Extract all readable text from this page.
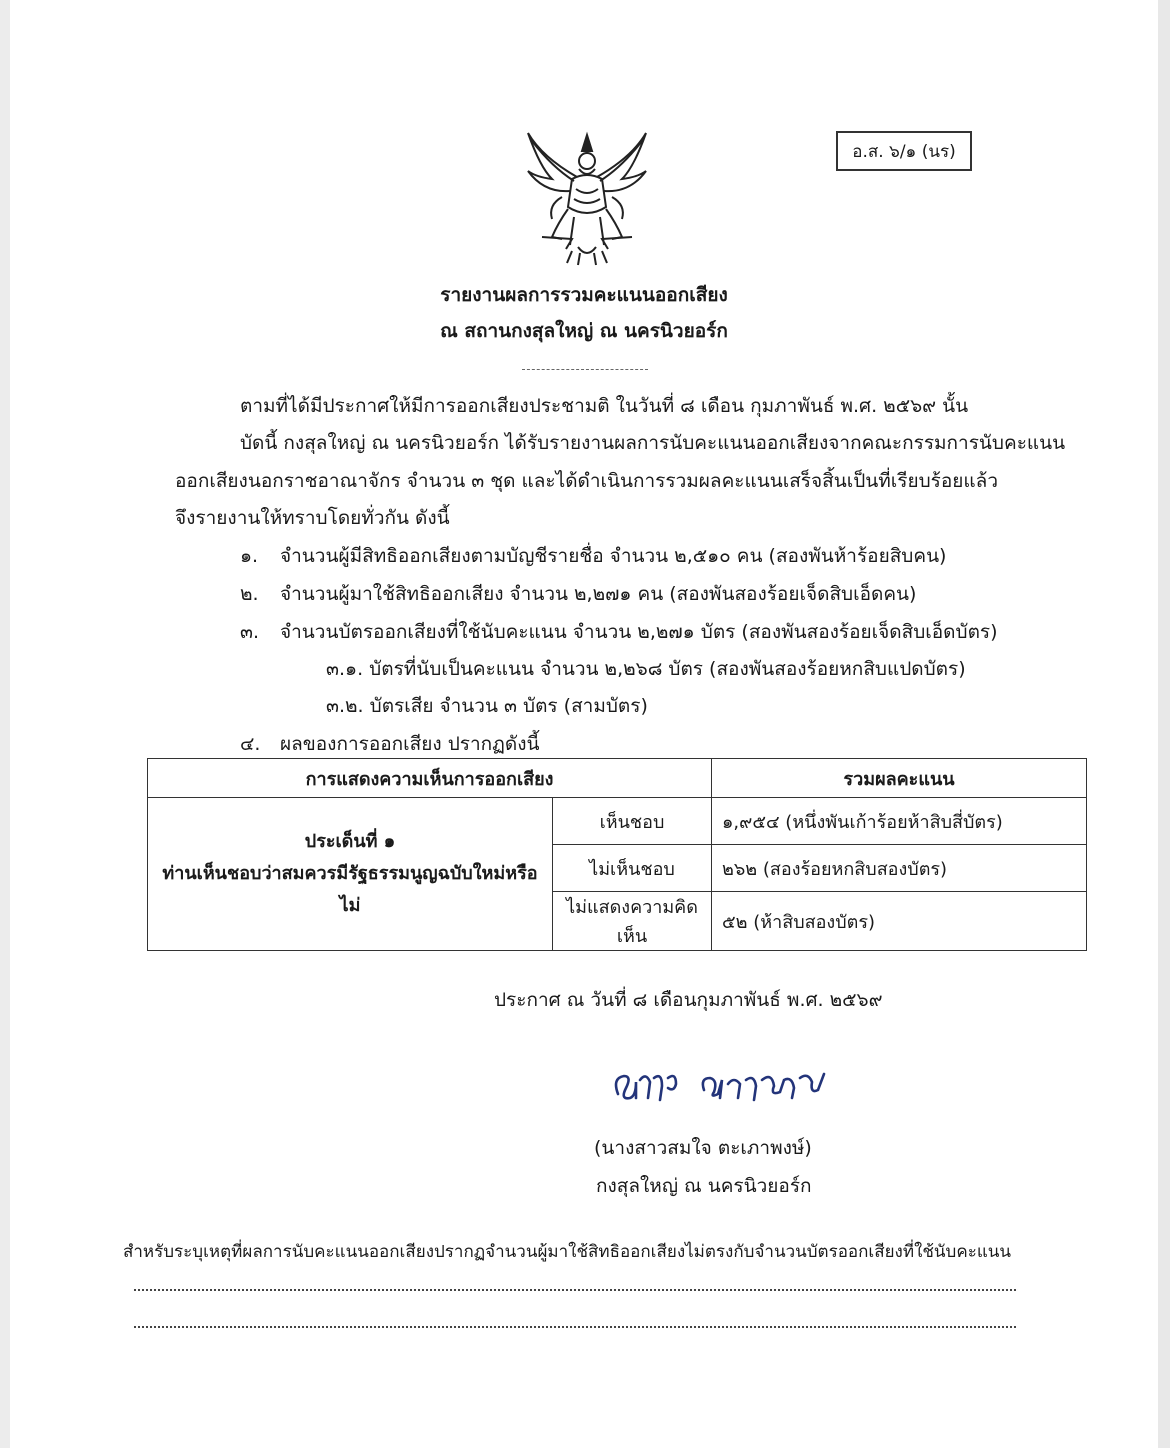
อ.ส. ๖/๑ (นร)
รายงานผลการรวมคะแนนออกเสียง
ณ สถานกงสุลใหญ่ ณ นครนิวยอร์ก
ตามที่ได้มีประกาศให้มีการออกเสียงประชามติ ในวันที่ ๘ เดือน กุมภาพันธ์ พ.ศ. ๒๕๖๙ นั้น
บัดนี้ กงสุลใหญ่ ณ นครนิวยอร์ก ได้รับรายงานผลการนับคะแนนออกเสียงจากคณะกรรมการนับคะแนน
ออกเสียงนอกราชอาณาจักร จำนวน ๓ ชุด และได้ดำเนินการรวมผลคะแนนเสร็จสิ้นเป็นที่เรียบร้อยแล้ว
จึงรายงานให้ทราบโดยทั่วกัน ดังนี้
๑. จำนวนผู้มีสิทธิออกเสียงตามบัญชีรายชื่อ จำนวน ๒,๕๑๐ คน (สองพันห้าร้อยสิบคน)
๒. จำนวนผู้มาใช้สิทธิออกเสียง จำนวน ๒,๒๗๑ คน (สองพันสองร้อยเจ็ดสิบเอ็ดคน)
๓. จำนวนบัตรออกเสียงที่ใช้นับคะแนน จำนวน ๒,๒๗๑ บัตร (สองพันสองร้อยเจ็ดสิบเอ็ดบัตร)
๓.๑. บัตรที่นับเป็นคะแนน จำนวน ๒,๒๖๘ บัตร (สองพันสองร้อยหกสิบแปดบัตร)
๓.๒. บัตรเสีย จำนวน ๓ บัตร (สามบัตร)
๔. ผลของการออกเสียง ปรากฏดังนี้
การแสดงความเห็นการออกเสียง		รวมผลคะแนน

ประเด็นที่ ๑
ท่านเห็นชอบว่าสมควรมีรัฐธรรมนูญฉบับใหม่หรือไม่	เห็นชอบ	๑,๙๕๔ (หนึ่งพันเก้าร้อยห้าสิบสี่บัตร)
	ไม่เห็นชอบ	๒๖๒ (สองร้อยหกสิบสองบัตร)
	ไม่แสดงความคิดเห็น	๕๒ (ห้าสิบสองบัตร)
ประกาศ ณ วันที่ ๘ เดือนกุมภาพันธ์ พ.ศ. ๒๕๖๙
(นางสาวสมใจ ตะเภาพงษ์)
กงสุลใหญ่ ณ นครนิวยอร์ก
สำหรับระบุเหตุที่ผลการนับคะแนนออกเสียงปรากฏจำนวนผู้มาใช้สิทธิออกเสียงไม่ตรงกับจำนวนบัตรออกเสียงที่ใช้นับคะแนน
